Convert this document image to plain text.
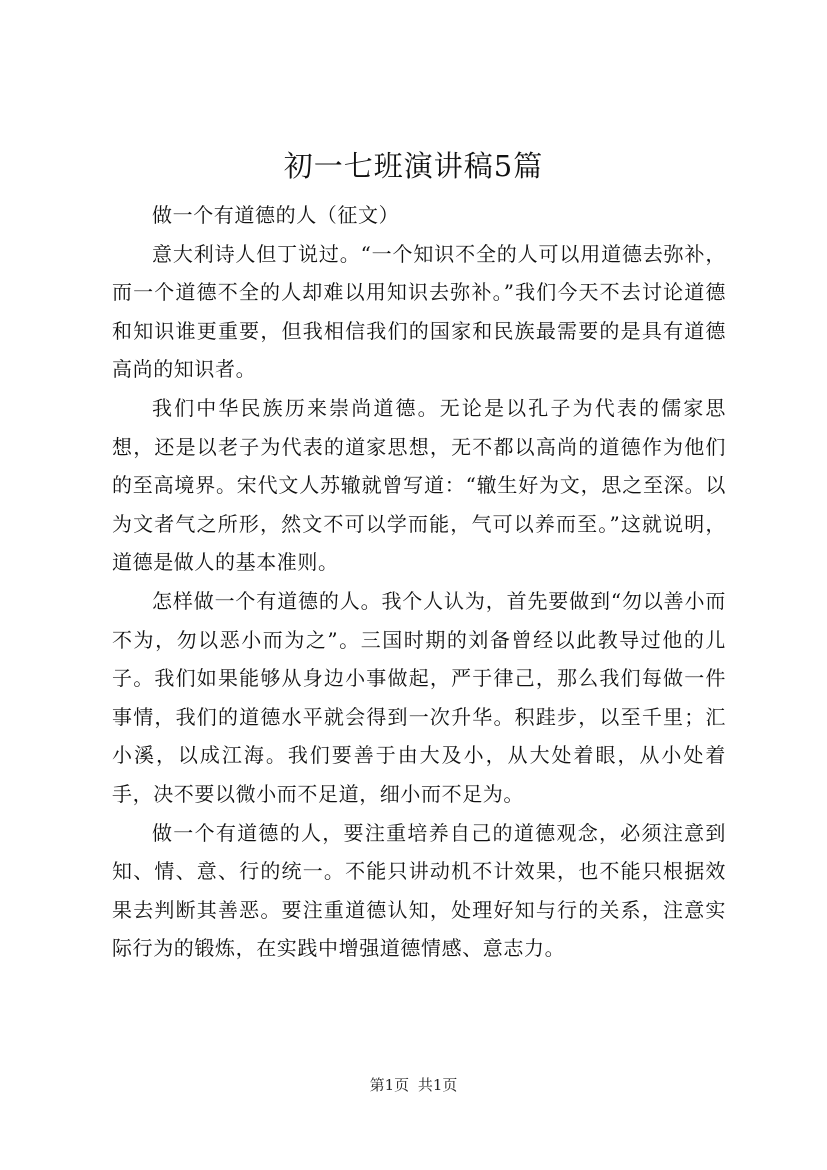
初一七班演讲稿5篇

做一个有道德的人（征文）

意大利诗人但丁说过。“一个知识不全的人可以用道德去弥补，而一个道德不全的人却难以用知识去弥补。”我们今天不去讨论道德和知识谁更重要，但我相信我们的国家和民族最需要的是具有道德高尚的知识者。

我们中华民族历来崇尚道德。无论是以孔子为代表的儒家思想，还是以老子为代表的道家思想，无不都以高尚的道德作为他们的至高境界。宋代文人苏辙就曾写道：“辙生好为文，思之至深。以为文者气之所形，然文不可以学而能，气可以养而至。”这就说明，道德是做人的基本准则。

怎样做一个有道德的人。我个人认为，首先要做到“勿以善小而不为，勿以恶小而为之”。三国时期的刘备曾经以此教导过他的儿子。我们如果能够从身边小事做起，严于律己，那么我们每做一件事情，我们的道德水平就会得到一次升华。积跬步，以至千里；汇小溪，以成江海。我们要善于由大及小，从大处着眼，从小处着手，决不要以微小而不足道，细小而不足为。

做一个有道德的人，要注重培养自己的道德观念，必须注意到知、情、意、行的统一。不能只讲动机不计效果，也不能只根据效果去判断其善恶。要注重道德认知，处理好知与行的关系，注意实际行为的锻炼，在实践中增强道德情感、意志力。

第1页 共1页
